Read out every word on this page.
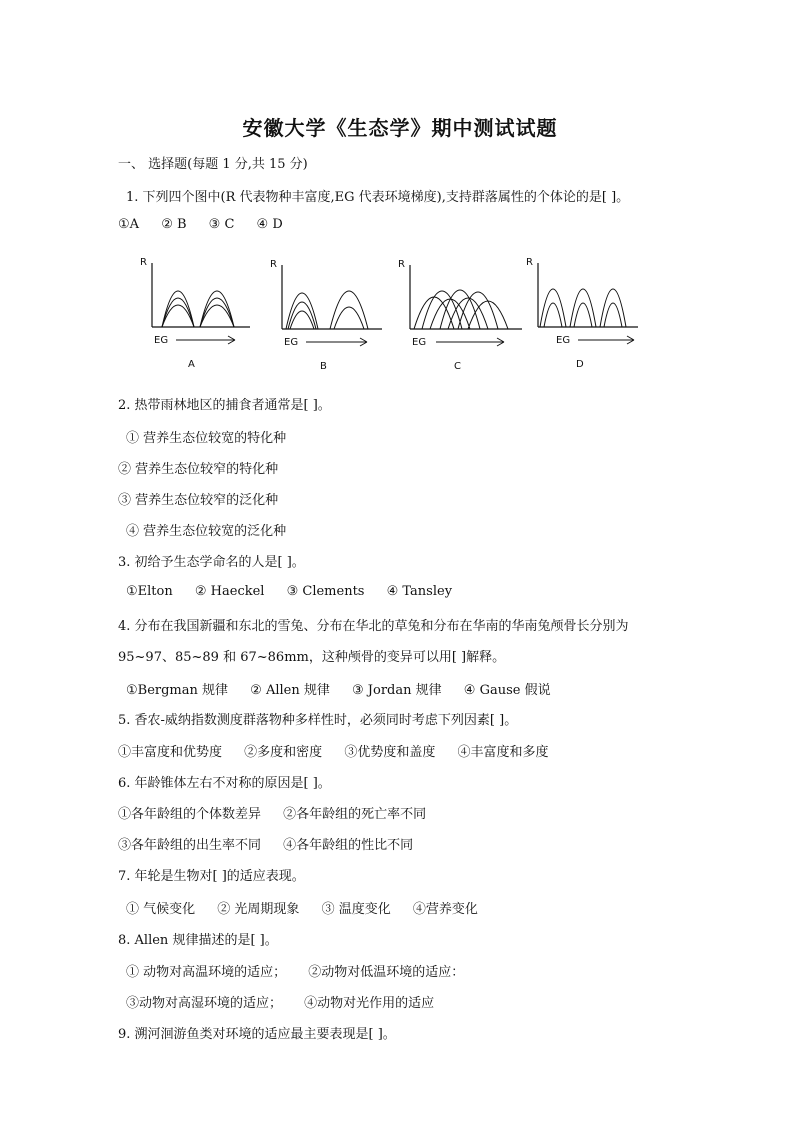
安徽大学《生态学》期中测试试题
一、 选择题(每题 1 分,共 15 分)
1. 下列四个图中(R 代表物种丰富度,EG 代表环境梯度),支持群落属性的个体论的是[ ]。
①A ② B ③ C ④ D
R
EG
A
R
EG
B
R
EG
C
R
EG
D
2. 热带雨林地区的捕食者通常是[ ]。
① 营养生态位较宽的特化种
② 营养生态位较窄的特化种
③ 营养生态位较窄的泛化种
④ 营养生态位较宽的泛化种
3. 初给予生态学命名的人是[ ]。
①Elton ② Haeckel ③ Clements ④ Tansley
4. 分布在我国新疆和东北的雪兔、分布在华北的草兔和分布在华南的华南兔颅骨长分别为
95~97、85~89 和 67~86mm，这种颅骨的变异可以用[ ]解释。
①Bergman 规律 ② Allen 规律 ③ Jordan 规律 ④ Gause 假说
5. 香农-威纳指数测度群落物种多样性时，必须同时考虑下列因素[ ]。
①丰富度和优势度 ②多度和密度 ③优势度和盖度 ④丰富度和多度
6. 年龄锥体左右不对称的原因是[ ]。
①各年龄组的个体数差异 ②各年龄组的死亡率不同
③各年龄组的出生率不同 ④各年龄组的性比不同
7. 年轮是生物对[ ]的适应表现。
① 气候变化 ② 光周期现象 ③ 温度变化 ④营养变化
8. Allen 规律描述的是[ ]。
① 动物对高温环境的适应； ②动物对低温环境的适应：
③动物对高湿环境的适应； ④动物对光作用的适应
9. 溯河洄游鱼类对环境的适应最主要表现是[ ]。
